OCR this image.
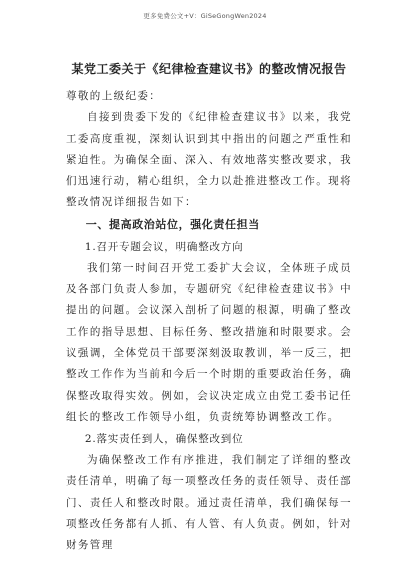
更多免费公文+V：GiSeGongWen2024
某党工委关于《纪律检查建议书》的整改情况报告

尊敬的上级纪委：

自接到贵委下发的《纪律检查建议书》以来，我党工委高度重视，深刻认识到其中指出的问题之严重性和紧迫性。为确保全面、深入、有效地落实整改要求，我们迅速行动，精心组织，全力以赴推进整改工作。现将整改情况详细报告如下：

一、提高政治站位，强化责任担当
1.召开专题会议，明确整改方向

我们第一时间召开党工委扩大会议，全体班子成员及各部门负责人参加，专题研究《纪律检查建议书》中提出的问题。会议深入剖析了问题的根源，明确了整改工作的指导思想、目标任务、整改措施和时限要求。会议强调，全体党员干部要深刻汲取教训，举一反三，把整改工作作为当前和今后一个时期的重要政治任务，确保整改取得实效。例如，会议决定成立由党工委书记任组长的整改工作领导小组，负责统筹协调整改工作。

2.落实责任到人，确保整改到位

为确保整改工作有序推进，我们制定了详细的整改责任清单，明确了每一项整改任务的责任领导、责任部门、责任人和整改时限。通过责任清单，我们确保每一项整改任务都有人抓、有人管、有人负责。例如，针对财务管理
